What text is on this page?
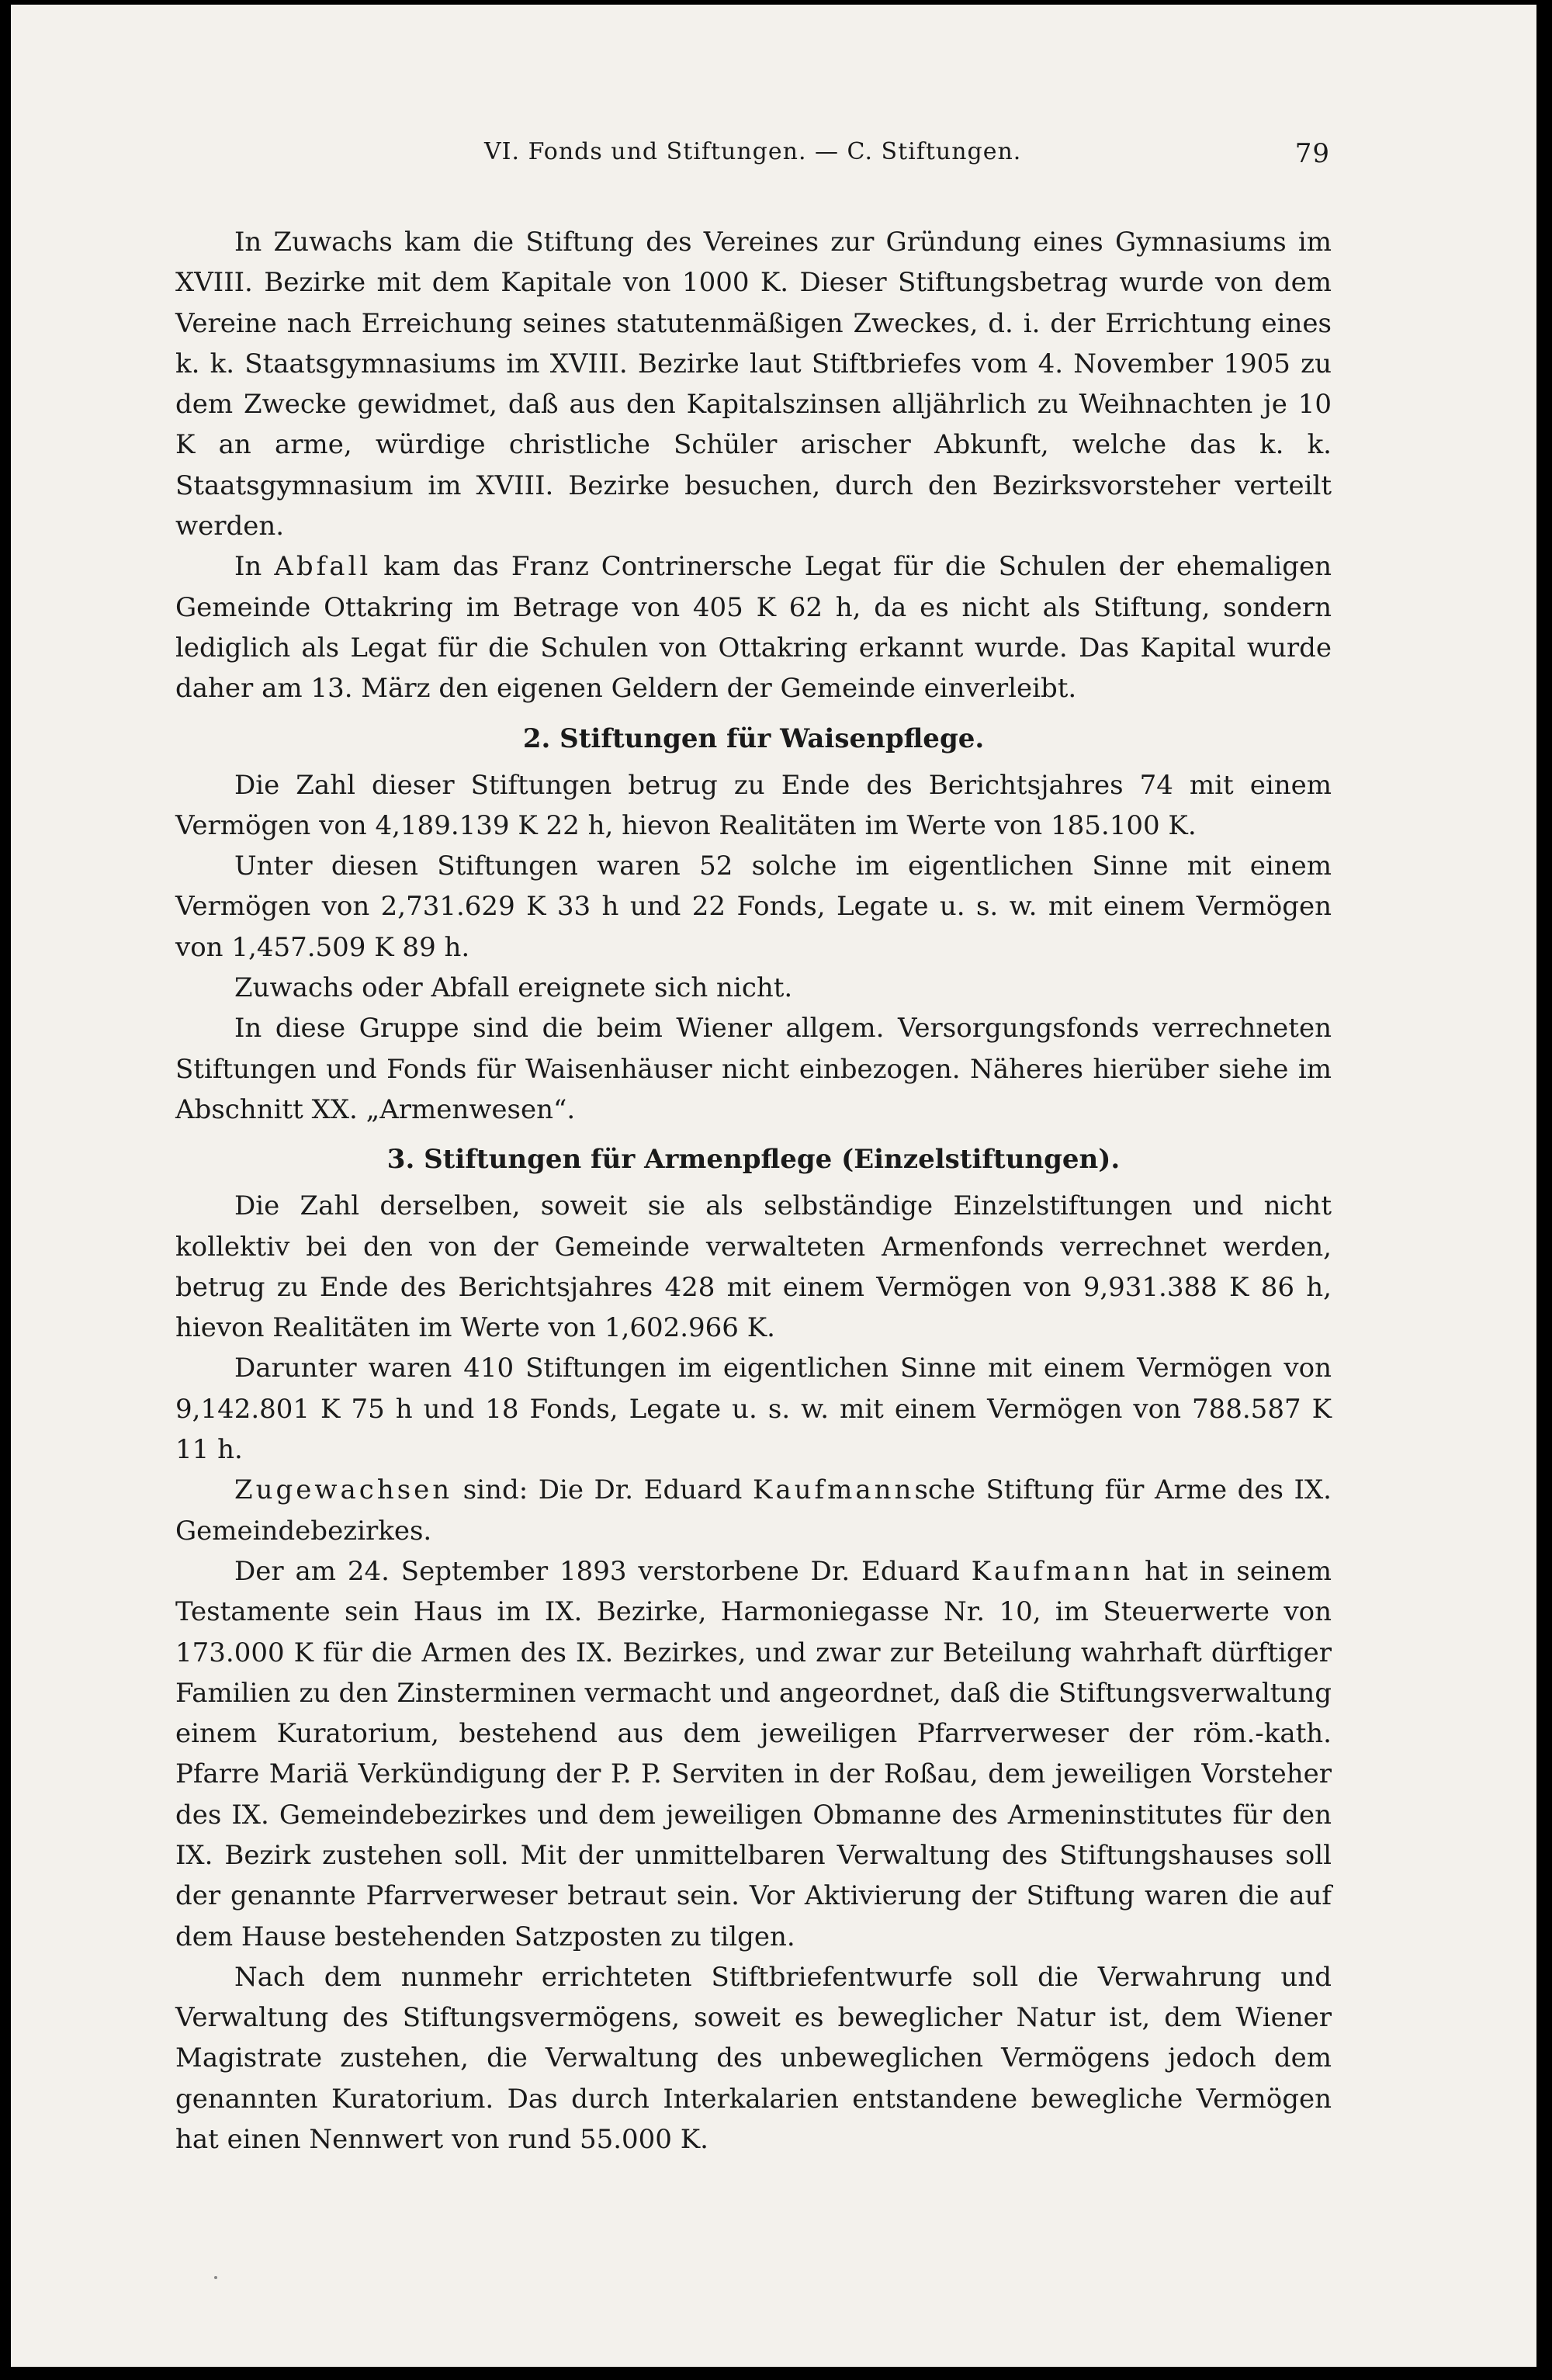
VI. Fonds und Stiftungen. — C. Stiftungen.	79

In Zuwachs kam die Stiftung des Vereines zur Gründung eines Gymnasiums im XVIII. Bezirke mit dem Kapitale von 1000 K. Dieser Stiftungsbetrag wurde von dem Vereine nach Erreichung seines statutenmäßigen Zweckes, d. i. der Errichtung eines k. k. Staatsgymnasiums im XVIII. Bezirke laut Stiftbriefes vom 4. November 1905 zu dem Zwecke gewidmet, daß aus den Kapitalszinsen alljährlich zu Weihnachten je 10 K an arme, würdige christliche Schüler arischer Abkunft, welche das k. k. Staatsgymnasium im XVIII. Bezirke besuchen, durch den Bezirksvorsteher verteilt werden.

In Abfall kam das Franz Contrinersche Legat für die Schulen der ehemaligen Gemeinde Ottakring im Betrage von 405 K 62 h, da es nicht als Stiftung, sondern lediglich als Legat für die Schulen von Ottakring erkannt wurde. Das Kapital wurde daher am 13. März den eigenen Geldern der Gemeinde einverleibt.

2. Stiftungen für Waisenpflege.

Die Zahl dieser Stiftungen betrug zu Ende des Berichtsjahres 74 mit einem Vermögen von 4,189.139 K 22 h, hievon Realitäten im Werte von 185.100 K.

Unter diesen Stiftungen waren 52 solche im eigentlichen Sinne mit einem Vermögen von 2,731.629 K 33 h und 22 Fonds, Legate u. s. w. mit einem Vermögen von 1,457.509 K 89 h.

Zuwachs oder Abfall ereignete sich nicht.

In diese Gruppe sind die beim Wiener allgem. Versorgungsfonds verrechneten Stiftungen und Fonds für Waisenhäuser nicht einbezogen. Näheres hierüber siehe im Abschnitt XX. „Armenwesen“.

3. Stiftungen für Armenpflege (Einzelstiftungen).

Die Zahl derselben, soweit sie als selbständige Einzelstiftungen und nicht kollektiv bei den von der Gemeinde verwalteten Armenfonds verrechnet werden, betrug zu Ende des Berichtsjahres 428 mit einem Vermögen von 9,931.388 K 86 h, hievon Realitäten im Werte von 1,602.966 K.

Darunter waren 410 Stiftungen im eigentlichen Sinne mit einem Vermögen von 9,142.801 K 75 h und 18 Fonds, Legate u. s. w. mit einem Vermögen von 788.587 K 11 h.

Zugewachsen sind: Die Dr. Eduard Kaufmannsche Stiftung für Arme des IX. Gemeindebezirkes.

Der am 24. September 1893 verstorbene Dr. Eduard Kaufmann hat in seinem Testamente sein Haus im IX. Bezirke, Harmoniegasse Nr. 10, im Steuerwerte von 173.000 K für die Armen des IX. Bezirkes, und zwar zur Beteilung wahrhaft dürftiger Familien zu den Zinsterminen vermacht und angeordnet, daß die Stiftungsverwaltung einem Kuratorium, bestehend aus dem jeweiligen Pfarrverweser der röm.-kath. Pfarre Mariä Verkündigung der P. P. Serviten in der Roßau, dem jeweiligen Vorsteher des IX. Gemeindebezirkes und dem jeweiligen Obmanne des Armeninstitutes für den IX. Bezirk zustehen soll. Mit der unmittelbaren Verwaltung des Stiftungshauses soll der genannte Pfarrverweser betraut sein. Vor Aktivierung der Stiftung waren die auf dem Hause bestehenden Satzposten zu tilgen.

Nach dem nunmehr errichteten Stiftbriefentwurfe soll die Verwahrung und Verwaltung des Stiftungsvermögens, soweit es beweglicher Natur ist, dem Wiener Magistrate zustehen, die Verwaltung des unbeweglichen Vermögens jedoch dem genannten Kuratorium. Das durch Interkalarien entstandene bewegliche Vermögen hat einen Nennwert von rund 55.000 K.
